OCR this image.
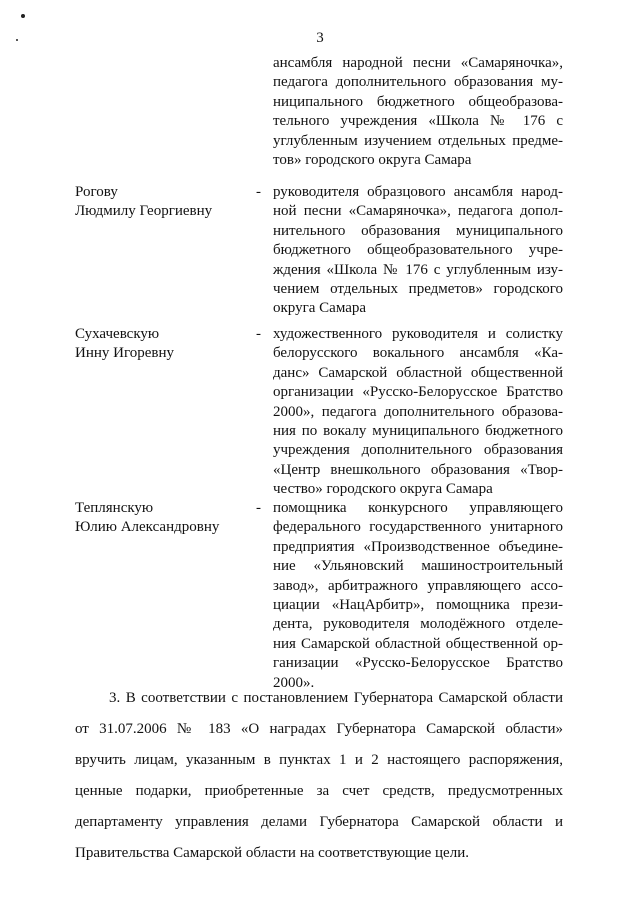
3
ансамбля народной песни «Самаряночка»,
педагога дополнительного образования му-
ниципального бюджетного общеобразова-
тельного учреждения «Школа № 176 с
углубленным изучением отдельных предме-
тов» городского округа Самара
Рогову
Людмилу Георгиевну
- руководителя образцового ансамбля народ-
ной песни «Самаряночка», педагога допол-
нительного образования муниципального
бюджетного общеобразовательного учре-
ждения «Школа № 176 с углубленным изу-
чением отдельных предметов» городского
округа Самара
Сухачевскую
Инну Игоревну
- художественного руководителя и солистку
белорусского вокального ансамбля «Ка-
данс» Самарской областной общественной
организации «Русско-Белорусское Братство
2000», педагога дополнительного образова-
ния по вокалу муниципального бюджетного
учреждения дополнительного образования
«Центр внешкольного образования «Твор-
чество» городского округа Самара
Теплянскую
Юлию Александровну
- помощника конкурсного управляющего
федерального государственного унитарного
предприятия «Производственное объедине-
ние «Ульяновский машиностроительный
завод», арбитражного управляющего ассо-
циации «НацАрбитр», помощника прези-
дента, руководителя молодёжного отделе-
ния Самарской областной общественной ор-
ганизации «Русско-Белорусское Братство
2000».
3. В соответствии с постановлением Губернатора Самарской области
от 31.07.2006 № 183 «О наградах Губернатора Самарской области»
вручить лицам, указанным в пунктах 1 и 2 настоящего распоряжения,
ценные подарки, приобретенные за счет средств, предусмотренных
департаменту управления делами Губернатора Самарской области и
Правительства Самарской области на соответствующие цели.
